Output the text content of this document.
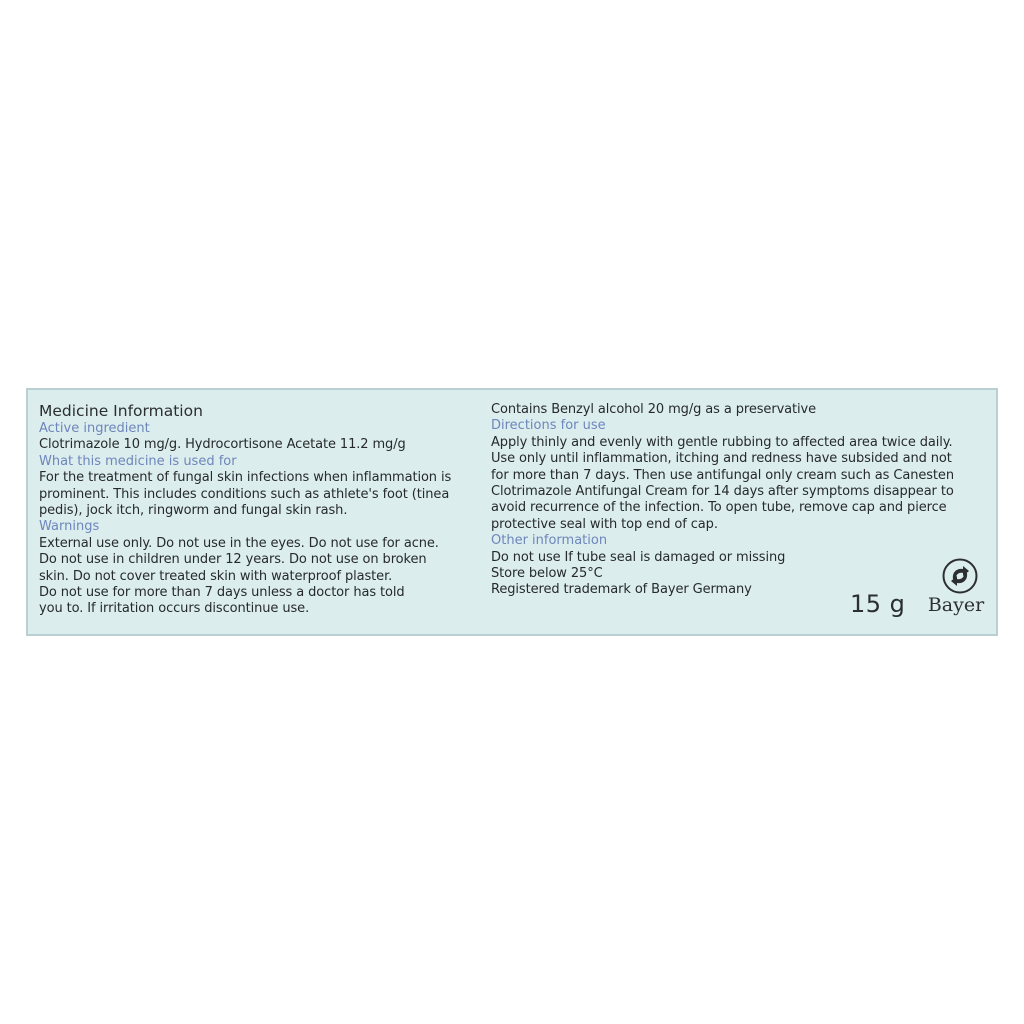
Medicine Information
Active ingredient
Clotrimazole 10 mg/g. Hydrocortisone Acetate 11.2 mg/g
What this medicine is used for
For the treatment of fungal skin infections when inflammation is
prominent. This includes conditions such as athlete's foot (tinea
pedis), jock itch, ringworm and fungal skin rash.
Warnings
External use only. Do not use in the eyes. Do not use for acne.
Do not use in children under 12 years. Do not use on broken
skin. Do not cover treated skin with waterproof plaster.
Do not use for more than 7 days unless a doctor has told
you to. If irritation occurs discontinue use.
Contains Benzyl alcohol 20 mg/g as a preservative
Directions for use
Apply thinly and evenly with gentle rubbing to affected area twice daily.
Use only until inflammation, itching and redness have subsided and not
for more than 7 days. Then use antifungal only cream such as Canesten
Clotrimazole Antifungal Cream for 14 days after symptoms disappear to
avoid recurrence of the infection. To open tube, remove cap and pierce
protective seal with top end of cap.
Other information
Do not use If tube seal is damaged or missing
Store below 25°C
Registered trademark of Bayer Germany
15 g Bayer
